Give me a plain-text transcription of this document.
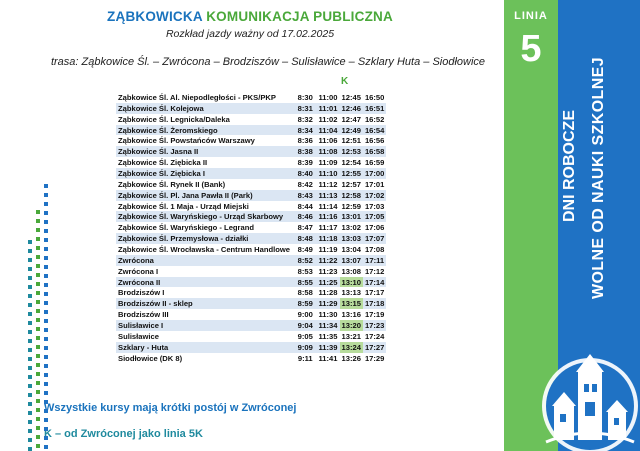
ZĄBKOWICKA KOMUNIKACJA PUBLICZNA
Rozkład jazdy ważny od 17.02.2025
trasa: Ząbkowice Śl. – Zwrócona – Brodziszów – Sulisławice – Szklary Huta – Siodłowice
K
Ząbkowice Śl. Al. Niepodległości - PKS/PKP	8:30	11:00	12:45	16:50
Ząbkowice Śl. Kolejowa	8:31	11:01	12:46	16:51
Ząbkowice Śl. Legnicka/Daleka	8:32	11:02	12:47	16:52
Ząbkowice Śl. Żeromskiego	8:34	11:04	12:49	16:54
Ząbkowice Śl. Powstańców Warszawy	8:36	11:06	12:51	16:56
Ząbkowice Śl. Jasna II	8:38	11:08	12:53	16:58
Ząbkowice Śl. Ziębicka II	8:39	11:09	12:54	16:59
Ząbkowice Śl. Ziębicka I	8:40	11:10	12:55	17:00
Ząbkowice Śl. Rynek II (Bank)	8:42	11:12	12:57	17:01
Ząbkowice Śl. Pl. Jana Pawła II (Park)	8:43	11:13	12:58	17:02
Ząbkowice Śl. 1 Maja - Urząd Miejski	8:44	11:14	12:59	17:03
Ząbkowice Śl. Waryńskiego - Urząd Skarbowy	8:46	11:16	13:01	17:05
Ząbkowice Śl. Waryńskiego - Legrand	8:47	11:17	13:02	17:06
Ząbkowice Śl. Przemysłowa - działki	8:48	11:18	13:03	17:07
Ząbkowice Śl. Wrocławska - Centrum Handlowe	8:49	11:19	13:04	17:08
Zwrócona	8:52	11:22	13:07	17:11
Zwrócona I	8:53	11:23	13:08	17:12
Zwrócona II	8:55	11:25	13:10	17:14
Brodziszów I	8:58	11:28	13:13	17:17
Brodziszów II - sklep	8:59	11:29	13:15	17:18
Brodziszów III	9:00	11:30	13:16	17:19
Sulisławice I	9:04	11:34	13:20	17:23
Sulisławice	9:05	11:35	13:21	17:24
Szklary - Huta	9:09	11:39	13:24	17:27
Siodłowice (DK 8)	9:11	11:41	13:26	17:29
Wszystkie kursy mają krótki postój w Zwróconej
K – od Zwróconej jako linia 5K
LINIA
5
DNI ROBOCZE WOLNE OD NAUKI SZKOLNEJ
